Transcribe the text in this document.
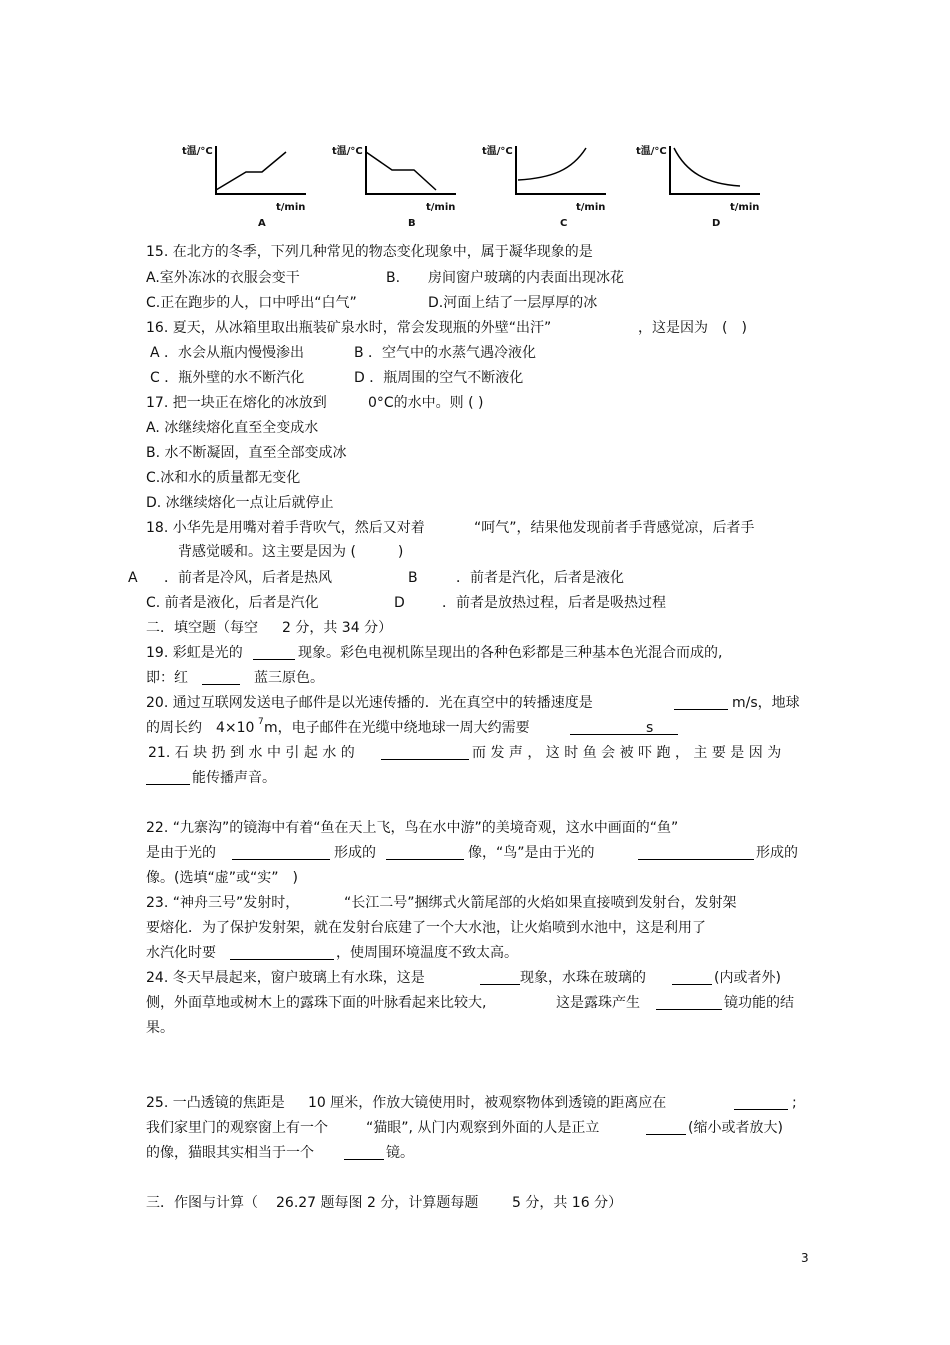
t温/°C
t/min
A
t温/°C
t/min
B
t温/°C
t/min
C
t温/°C
t/min
D
15. 在北方的冬季，下列几种常见的物态变化现象中，属于凝华现象的是
A.室外冻冰的衣服会变干	B.　　房间窗户玻璃的内表面出现冰花
C.正在跑步的人，口中呼出“白气”	D.河面上结了一层厚厚的冰
16. 夏天，从冰箱里取出瓶装矿泉水时，常会发现瓶的外壁“出汗”	，这是因为　(　)
A ．水会从瓶内慢慢渗出	B ．空气中的水蒸气遇冷液化
C ．瓶外壁的水不断汽化	D ．瓶周围的空气不断液化
17. 把一块正在熔化的冰放到	0°C的水中。则 ( )
A. 冰继续熔化直至全变成水
B. 水不断凝固，直至全部变成冰
C.冰和水的质量都无变化
D. 冰继续熔化一点让后就停止
18. 小华先是用嘴对着手背吹气，然后又对着	“呵气”，结果他发现前者手背感觉凉，后者手
背感觉暖和。这主要是因为 (　　　)
A ．前者是冷风，后者是热风	B	．前者是汽化，后者是液化
C. 前者是液化，后者是汽化	D	．前者是放热过程，后者是吸热过程
二．填空题（每空 2 分，共 34 分）
19. 彩虹是光的	现象。彩色电视机陈呈现出的各种色彩都是三种基本色光混合而成的,
即：红	蓝三原色。
20. 通过互联网发送电子邮件是以光速传播的．光在真空中的转播速度是	m/s，地球
的周长约　4×10 7 m，电子邮件在光缆中绕地球一周大约需要	s
21. 石 块 扔 到 水 中 引 起 水 的	而 发 声 ， 这 时 鱼 会 被 吓 跑 ， 主 要 是 因 为
能传播声音。
22. “九寨沟”的镜海中有着“鱼在天上飞，鸟在水中游”的美境奇观，这水中画面的“鱼”
是由于光的	形成的	像，“鸟”是由于光的	形成的
像。(选填“虚”或“实”　)
23. “神舟三号”发射时，	“长江二号”捆绑式火箭尾部的火焰如果直接喷到发射台，发射架
要熔化．为了保护发射架，就在发射台底建了一个大水池，让火焰喷到水池中，这是利用了
水汽化时要	，使周围环境温度不致太高。
24. 冬天早晨起来，窗户玻璃上有水珠，这是	现象，水珠在玻璃的	(内或者外)
侧，外面草地或树木上的露珠下面的叶脉看起来比较大,	这是露珠产生	镜功能的结
果。
25. 一凸透镜的焦距是 10 厘米，作放大镜使用时，被观察物体到透镜的距离应在	;
我们家里门的观察窗上有一个	“猫眼”, 从门内观察到外面的人是正立	(缩小或者放大)
的像，猫眼其实相当于一个	镜。
三．作图与计算（ 26.27 题每图 2 分，计算题每题 5 分，共 16 分）
3
